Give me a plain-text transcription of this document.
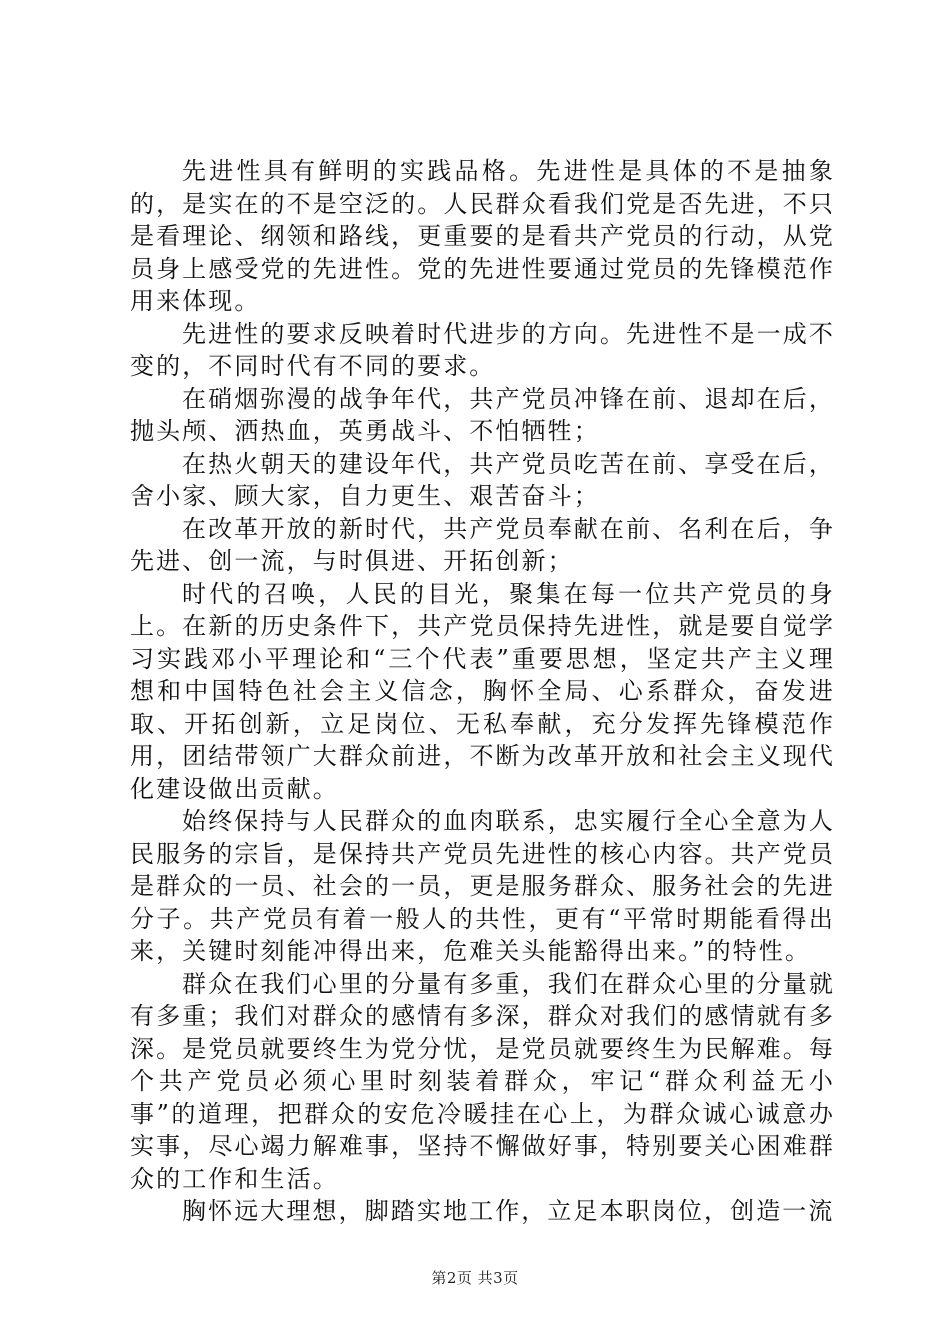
先进性具有鲜明的实践品格。先进性是具体的不是抽象的，是实在的不是空泛的。人民群众看我们党是否先进，不只是看理论、纲领和路线，更重要的是看共产党员的行动，从党员身上感受党的先进性。党的先进性要通过党员的先锋模范作用来体现。

先进性的要求反映着时代进步的方向。先进性不是一成不变的，不同时代有不同的要求。

在硝烟弥漫的战争年代，共产党员冲锋在前、退却在后，抛头颅、洒热血，英勇战斗、不怕牺牲；

在热火朝天的建设年代，共产党员吃苦在前、享受在后，舍小家、顾大家，自力更生、艰苦奋斗；

在改革开放的新时代，共产党员奉献在前、名利在后，争先进、创一流，与时俱进、开拓创新；

时代的召唤，人民的目光，聚集在每一位共产党员的身上。在新的历史条件下，共产党员保持先进性，就是要自觉学习实践邓小平理论和“三个代表”重要思想，坚定共产主义理想和中国特色社会主义信念，胸怀全局、心系群众，奋发进取、开拓创新，立足岗位、无私奉献，充分发挥先锋模范作用，团结带领广大群众前进，不断为改革开放和社会主义现代化建设做出贡献。

始终保持与人民群众的血肉联系，忠实履行全心全意为人民服务的宗旨，是保持共产党员先进性的核心内容。共产党员是群众的一员、社会的一员，更是服务群众、服务社会的先进分子。共产党员有着一般人的共性，更有“平常时期能看得出来，关键时刻能冲得出来，危难关头能豁得出来。”的特性。

群众在我们心里的分量有多重，我们在群众心里的分量就有多重；我们对群众的感情有多深，群众对我们的感情就有多深。是党员就要终生为党分忧，是党员就要终生为民解难。每个共产党员必须心里时刻装着群众，牢记“群众利益无小事”的道理，把群众的安危冷暖挂在心上，为群众诚心诚意办实事，尽心竭力解难事，坚持不懈做好事，特别要关心困难群众的工作和生活。

胸怀远大理想，脚踏实地工作，立足本职岗位，创造一流

第2页 共3页
